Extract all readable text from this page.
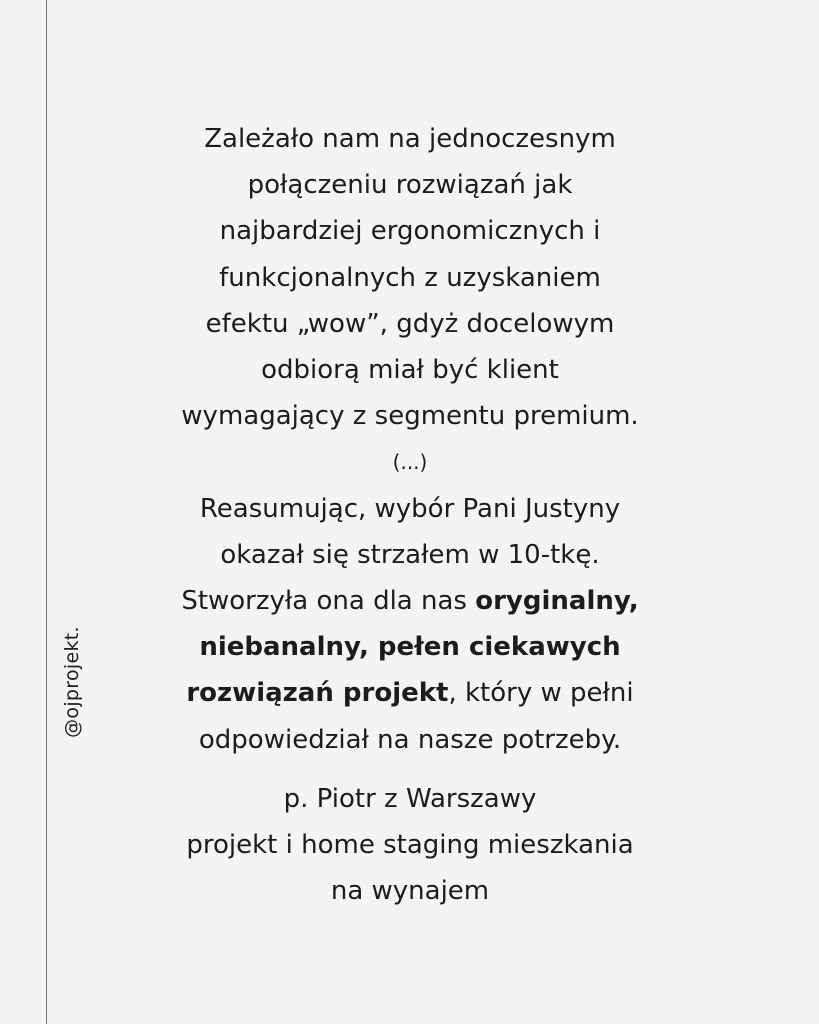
@ojprojekt.
Zależało nam na jednoczesnym
połączeniu rozwiązań jak
najbardziej ergonomicznych i
funkcjonalnych z uzyskaniem
efektu „wow”, gdyż docelowym
odbiorą miał być klient
wymagający z segmentu premium.
(...)
Reasumując, wybór Pani Justyny
okazał się strzałem w 10-tkę.
Stworzyła ona dla nas oryginalny,
niebanalny, pełen ciekawych
rozwiązań projekt, który w pełni
odpowiedział na nasze potrzeby.
p. Piotr z Warszawy
projekt i home staging mieszkania
na wynajem
